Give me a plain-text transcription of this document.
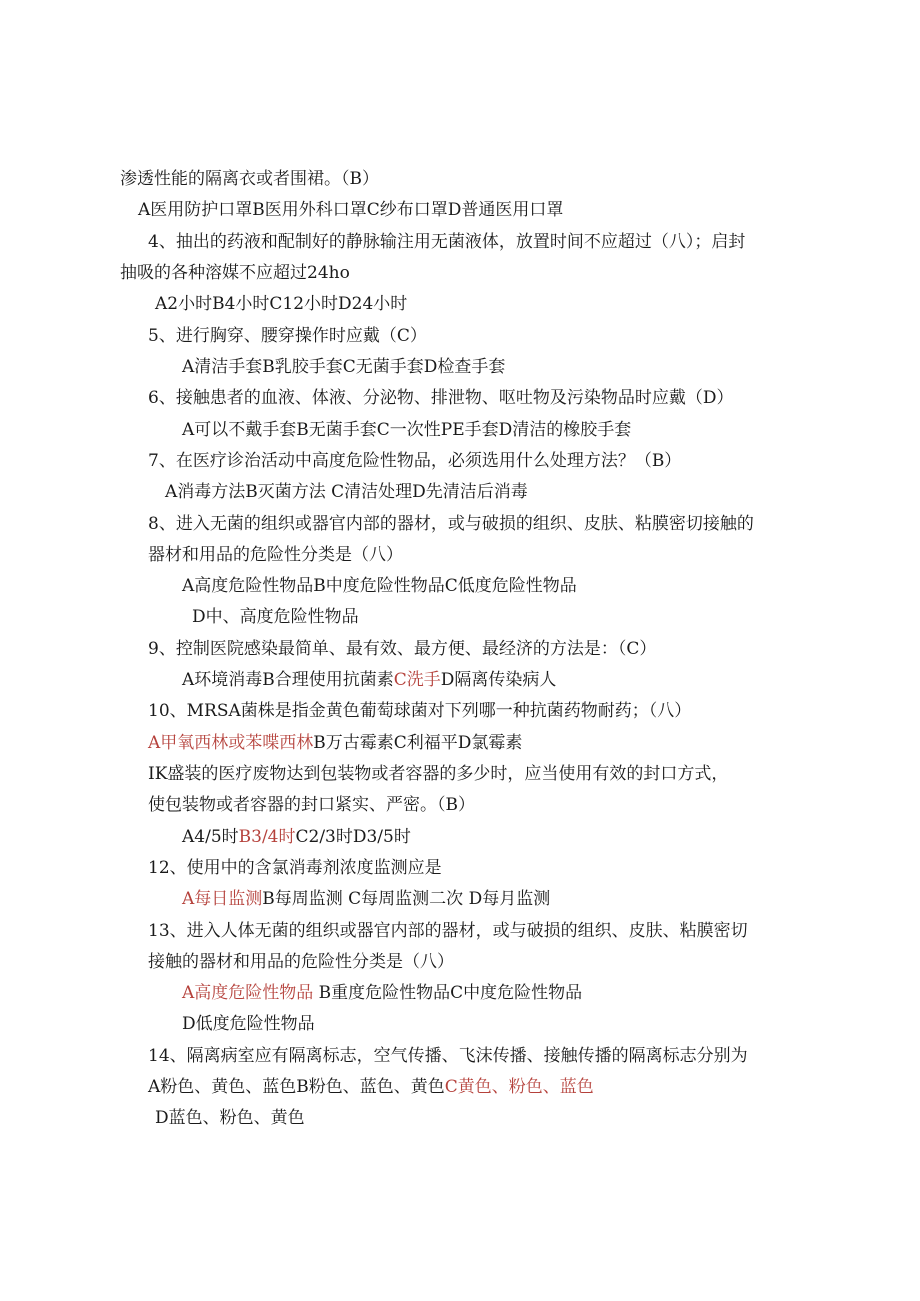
渗透性能的隔离衣或者围裙。（B）
A医用防护口罩B医用外科口罩C纱布口罩D普通医用口罩
4、抽出的药液和配制好的静脉输注用无菌液体，放置时间不应超过（八）；启封
抽吸的各种溶媒不应超过24hο
A2小时B4小时C12小时D24小时
5、进行胸穿、腰穿操作时应戴（C）
A清洁手套B乳胶手套C无菌手套D检查手套
6、接触患者的血液、体液、分泌物、排泄物、呕吐物及污染物品时应戴（D）
A可以不戴手套B无菌手套C一次性PE手套D清洁的橡胶手套
7、在医疗诊治活动中高度危险性物品，必须选用什么处理方法？（B）
A消毒方法B灭菌方法 C清洁处理D先清洁后消毒
8、进入无菌的组织或器官内部的器材，或与破损的组织、皮肤、粘膜密切接触的
器材和用品的危险性分类是（八）
A高度危险性物品B中度危险性物品C低度危险性物品
D中、高度危险性物品
9、控制医院感染最简单、最有效、最方便、最经济的方法是：（C）
A环境消毒B合理使用抗菌素C洗手D隔离传染病人
10、MRSA菌株是指金黄色葡萄球菌对下列哪一种抗菌药物耐药；（八）
A甲氧西林或苯喋西林B万古霉素C利福平D氯霉素
IK盛装的医疗废物达到包装物或者容器的多少时，应当使用有效的封口方式，
使包装物或者容器的封口紧实、严密。（B）
A4/5时B3/4时C2/3时D3/5时
12、使用中的含氯消毒剂浓度监测应是
A每日监测B每周监测 C每周监测二次 D每月监测
13、进入人体无菌的组织或器官内部的器材，或与破损的组织、皮肤、粘膜密切
接触的器材和用品的危险性分类是（八）
A高度危险性物品 B重度危险性物品C中度危险性物品
D低度危险性物品
14、隔离病室应有隔离标志，空气传播、飞沫传播、接触传播的隔离标志分别为
A粉色、黄色、蓝色B粉色、蓝色、黄色C黄色、粉色、蓝色
D蓝色、粉色、黄色
